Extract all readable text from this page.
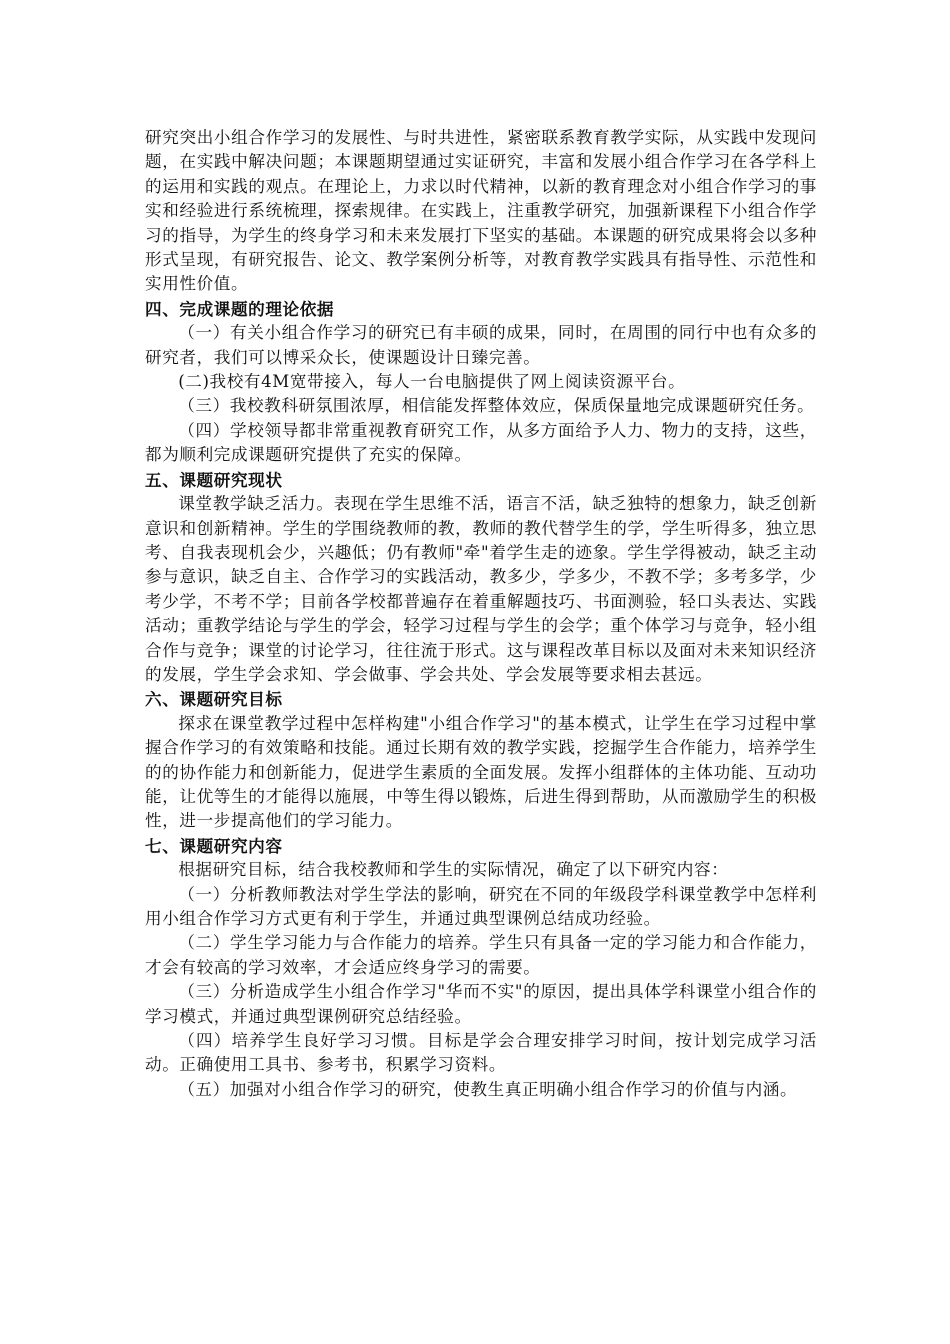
研究突出小组合作学习的发展性、与时共进性，紧密联系教育教学实际，从实践中发现问题，在实践中解决问题；本课题期望通过实证研究，丰富和发展小组合作学习在各学科上的运用和实践的观点。在理论上，力求以时代精神，以新的教育理念对小组合作学习的事实和经验进行系统梳理，探索规律。在实践上，注重教学研究，加强新课程下小组合作学习的指导，为学生的终身学习和未来发展打下坚实的基础。本课题的研究成果将会以多种形式呈现，有研究报告、论文、教学案例分析等，对教育教学实践具有指导性、示范性和实用性价值。

四、完成课题的理论依据

（一）有关小组合作学习的研究已有丰硕的成果，同时，在周围的同行中也有众多的研究者，我们可以博采众长，使课题设计日臻完善。

(二)我校有4M宽带接入，每人一台电脑提供了网上阅读资源平台。

（三）我校教科研氛围浓厚，相信能发挥整体效应，保质保量地完成课题研究任务。

（四）学校领导都非常重视教育研究工作，从多方面给予人力、物力的支持，这些，都为顺利完成课题研究提供了充实的保障。

五、课题研究现状

课堂教学缺乏活力。表现在学生思维不活，语言不活，缺乏独特的想象力，缺乏创新意识和创新精神。学生的学围绕教师的教，教师的教代替学生的学，学生听得多，独立思考、自我表现机会少，兴趣低；仍有教师"牵"着学生走的迹象。学生学得被动，缺乏主动参与意识，缺乏自主、合作学习的实践活动，教多少，学多少，不教不学；多考多学，少考少学，不考不学；目前各学校都普遍存在着重解题技巧、书面测验，轻口头表达、实践活动；重教学结论与学生的学会，轻学习过程与学生的会学；重个体学习与竞争，轻小组合作与竞争；课堂的讨论学习，往往流于形式。这与课程改革目标以及面对未来知识经济的发展，学生学会求知、学会做事、学会共处、学会发展等要求相去甚远。

六、课题研究目标

探求在课堂教学过程中怎样构建"小组合作学习"的基本模式，让学生在学习过程中掌握合作学习的有效策略和技能。通过长期有效的教学实践，挖掘学生合作能力，培养学生的的协作能力和创新能力，促进学生素质的全面发展。发挥小组群体的主体功能、互动功能，让优等生的才能得以施展，中等生得以锻炼，后进生得到帮助，从而激励学生的积极性，进一步提高他们的学习能力。

七、课题研究内容

根据研究目标，结合我校教师和学生的实际情况，确定了以下研究内容：

（一）分析教师教法对学生学法的影响，研究在不同的年级段学科课堂教学中怎样利用小组合作学习方式更有利于学生，并通过典型课例总结成功经验。

（二）学生学习能力与合作能力的培养。学生只有具备一定的学习能力和合作能力，才会有较高的学习效率，才会适应终身学习的需要。

（三）分析造成学生小组合作学习"华而不实"的原因，提出具体学科课堂小组合作的学习模式，并通过典型课例研究总结经验。

（四）培养学生良好学习习惯。目标是学会合理安排学习时间，按计划完成学习活动。正确使用工具书、参考书，积累学习资料。

（五）加强对小组合作学习的研究，使教生真正明确小组合作学习的价值与内涵。
